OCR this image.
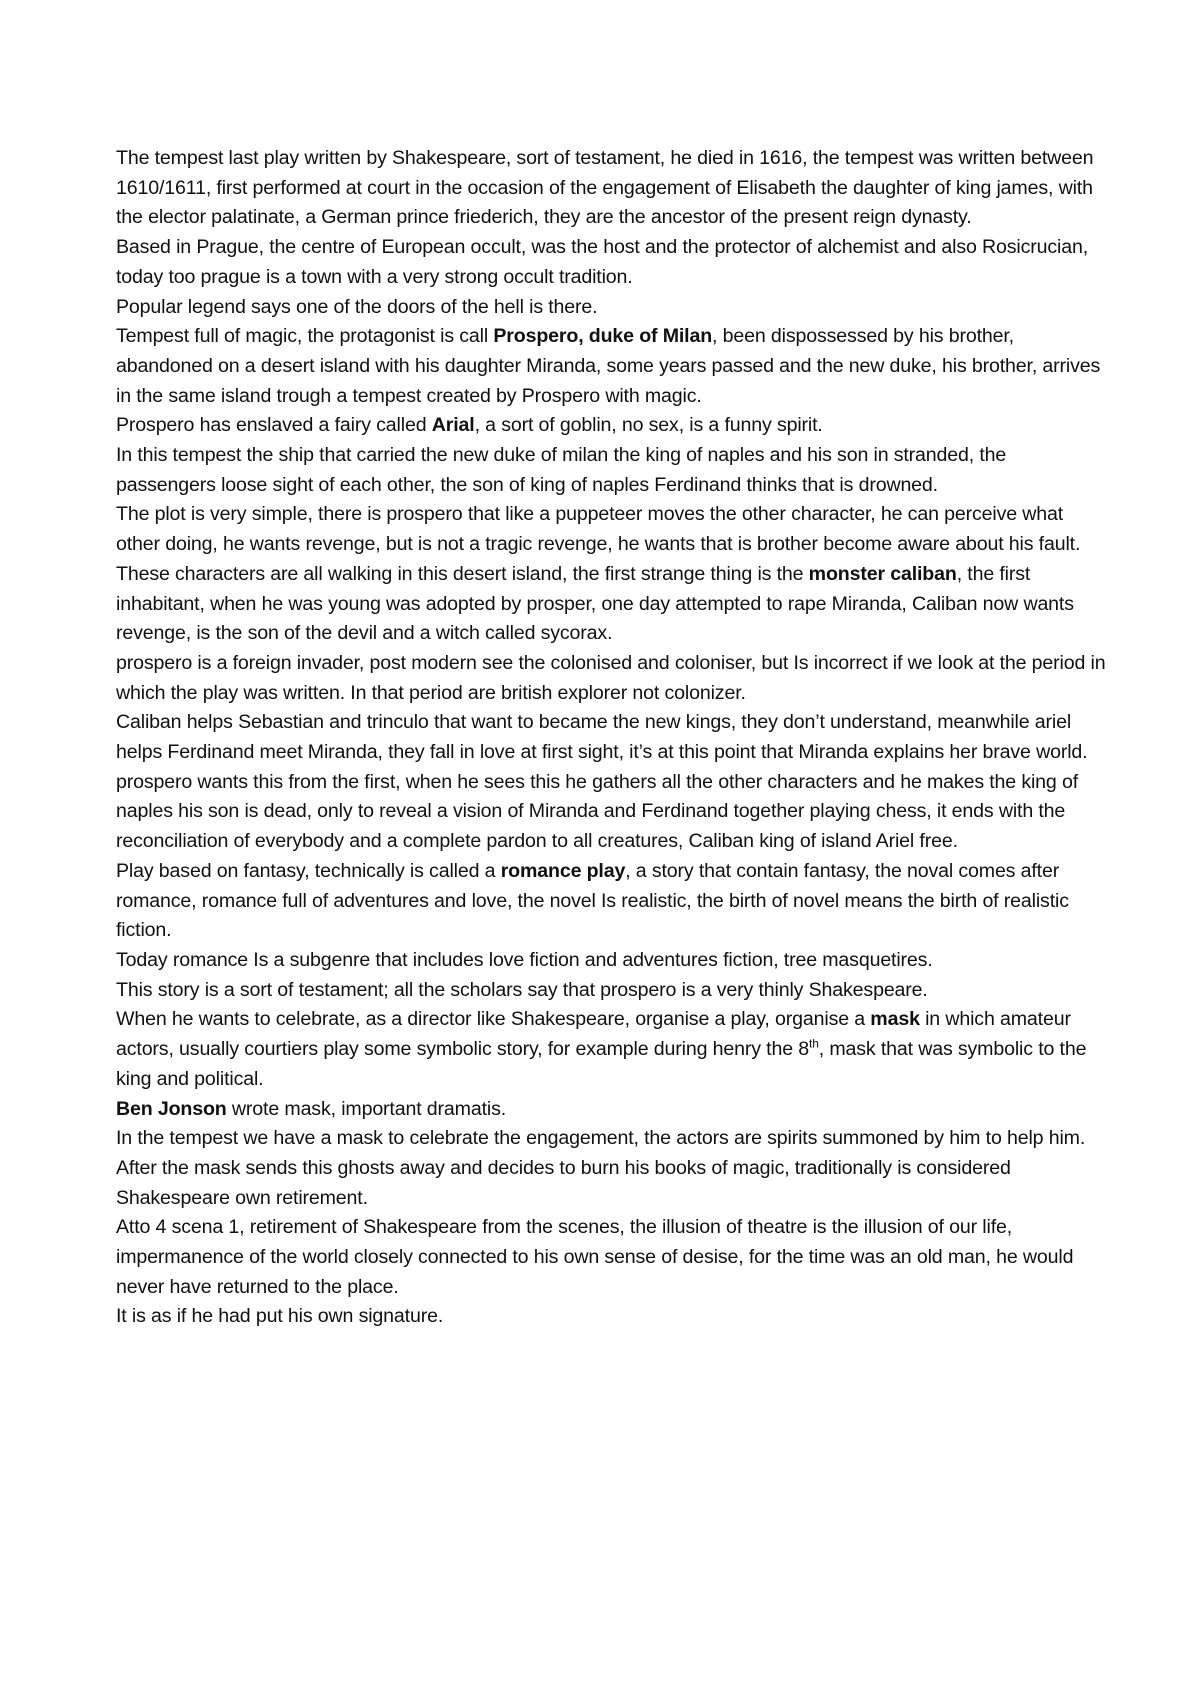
The tempest last play written by Shakespeare, sort of testament, he died in 1616, the tempest was written between 1610/1611, first performed at court in the occasion of the engagement of Elisabeth the daughter of king james, with the elector palatinate, a German prince friederich, they are the ancestor of the present reign dynasty.

Based in Prague, the centre of European occult, was the host and the protector of alchemist and also Rosicrucian, today too prague is a town with a very strong occult tradition.

Popular legend says one of the doors of the hell is there.

Tempest full of magic, the protagonist is call Prospero, duke of Milan, been dispossessed by his brother, abandoned on a desert island with his daughter Miranda, some years passed and the new duke, his brother, arrives in the same island trough a tempest created by Prospero with magic.

Prospero has enslaved a fairy called Arial, a sort of goblin, no sex, is a funny spirit.

In this tempest the ship that carried the new duke of milan the king of naples and his son in stranded, the passengers loose sight of each other, the son of king of naples Ferdinand thinks that is drowned.

The plot is very simple, there is prospero that like a puppeteer moves the other character, he can perceive what other doing, he wants revenge, but is not a tragic revenge, he wants that is brother become aware about his fault.

These characters are all walking in this desert island, the first strange thing is the monster caliban, the first inhabitant, when he was young was adopted by prosper, one day attempted to rape Miranda, Caliban now wants revenge, is the son of the devil and a witch called sycorax.

prospero is a foreign invader, post modern see the colonised and coloniser, but Is incorrect if we look at the period in which the play was written. In that period are british explorer not colonizer.

Caliban helps Sebastian and trinculo that want to became the new kings, they don’t understand, meanwhile ariel helps Ferdinand meet Miranda, they fall in love at first sight, it’s at this point that Miranda explains her brave world.

prospero wants this from the first, when he sees this he gathers all the other characters and he makes the king of naples his son is dead, only to reveal a vision of Miranda and Ferdinand together playing chess, it ends with the reconciliation of everybody and a complete pardon to all creatures, Caliban king of island Ariel free.

Play based on fantasy, technically is called a romance play, a story that contain fantasy, the noval comes after romance, romance full of adventures and love, the novel Is realistic, the birth of novel means the birth of realistic fiction.

Today romance Is a subgenre that includes love fiction and adventures fiction, tree masquetires.

This story is a sort of testament; all the scholars say that prospero is a very thinly Shakespeare.

When he wants to celebrate, as a director like Shakespeare, organise a play, organise a mask in which amateur actors, usually courtiers play some symbolic story, for example during henry the 8th, mask that was symbolic to the king and political.

Ben Jonson wrote mask, important dramatis.

In the tempest we have a mask to celebrate the engagement, the actors are spirits summoned by him to help him.

After the mask sends this ghosts away and decides to burn his books of magic, traditionally is considered Shakespeare own retirement.

Atto 4 scena 1, retirement of Shakespeare from the scenes, the illusion of theatre is the illusion of our life, impermanence of the world closely connected to his own sense of desise, for the time was an old man, he would never have returned to the place.

It is as if he had put his own signature.
